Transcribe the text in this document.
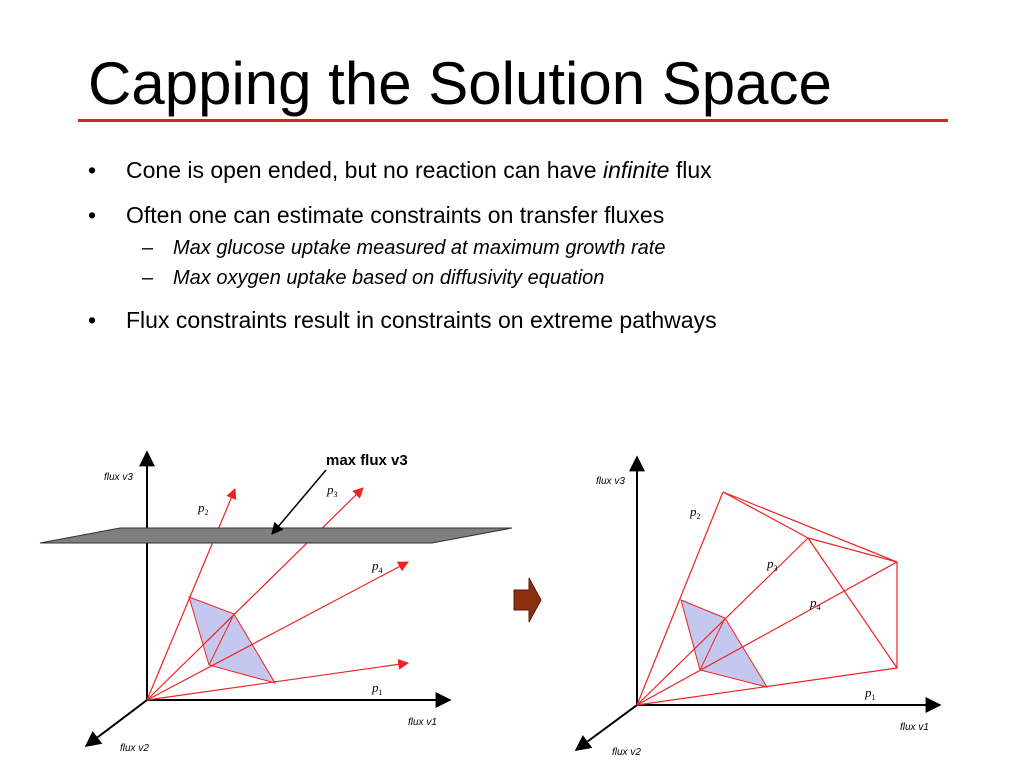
Capping the Solution Space
• Cone is open ended, but no reaction can have infinite flux
• Often one can estimate constraints on transfer fluxes
– Max glucose uptake measured at maximum growth rate
– Max oxygen uptake based on diffusivity equation
• Flux constraints result in constraints on extreme pathways
max flux v3
flux v3
flux v1
flux v2
$p_2$
$p_3$
$p_4$
$p_1$
flux v3
flux v1
flux v2
$p_2$
$p_3$
$p_4$
$p_1$
